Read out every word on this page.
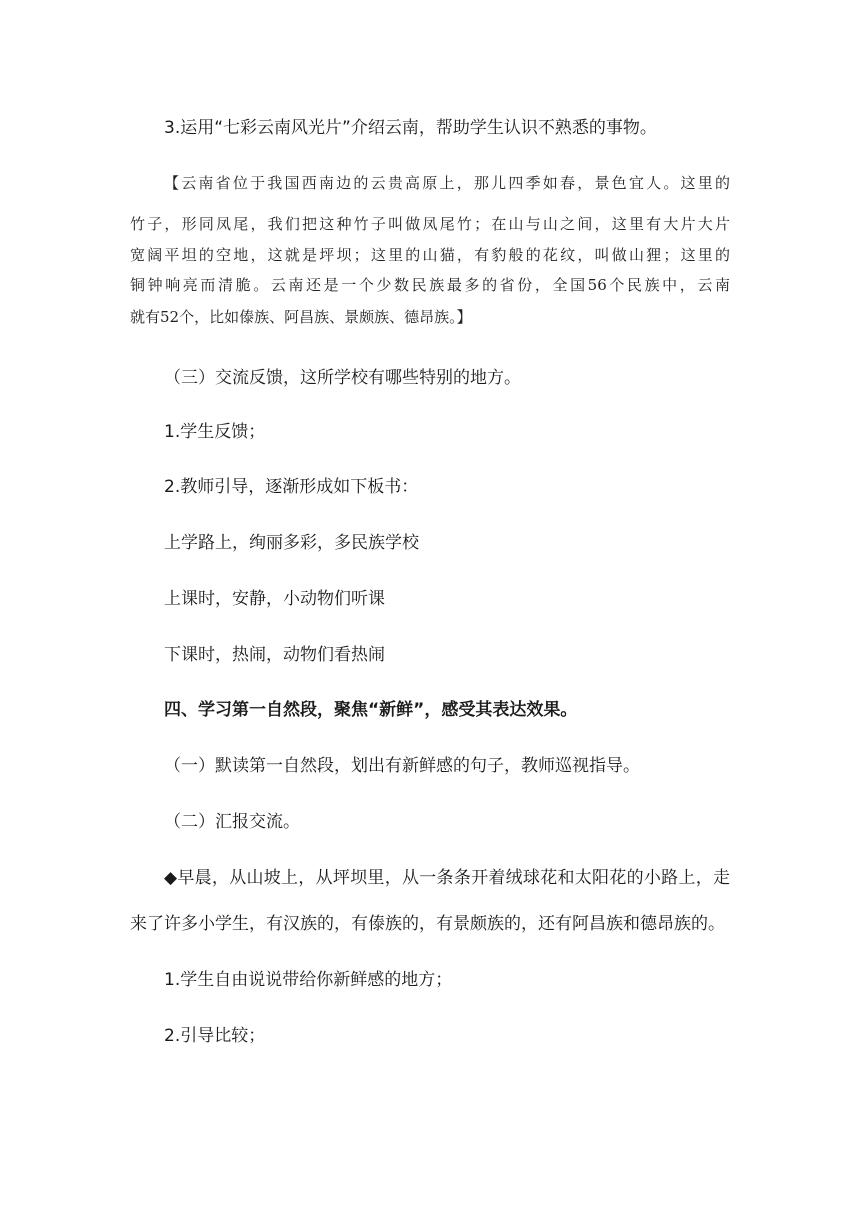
3.运用“七彩云南风光片”介绍云南，帮助学生认识不熟悉的事物。
【云南省位于我国西南边的云贵高原上，那儿四季如春，景色宜人。这里的
竹子，形同凤尾，我们把这种竹子叫做凤尾竹；在山与山之间，这里有大片大片
宽阔平坦的空地，这就是坪坝；这里的山猫，有豹般的花纹，叫做山狸；这里的
铜钟响亮而清脆。云南还是一个少数民族最多的省份，全国56个民族中，云南
就有52个，比如傣族、阿昌族、景颇族、德昂族。】
（三）交流反馈，这所学校有哪些特别的地方。
1.学生反馈；
2.教师引导，逐渐形成如下板书：
上学路上，绚丽多彩，多民族学校
上课时，安静，小动物们听课
下课时，热闹，动物们看热闹
四、学习第一自然段，聚焦“新鲜”，感受其表达效果。
（一）默读第一自然段，划出有新鲜感的句子，教师巡视指导。
（二）汇报交流。
◆早晨，从山坡上，从坪坝里，从一条条开着绒球花和太阳花的小路上，走
来了许多小学生，有汉族的，有傣族的，有景颇族的，还有阿昌族和德昂族的。
1.学生自由说说带给你新鲜感的地方；
2.引导比较；
